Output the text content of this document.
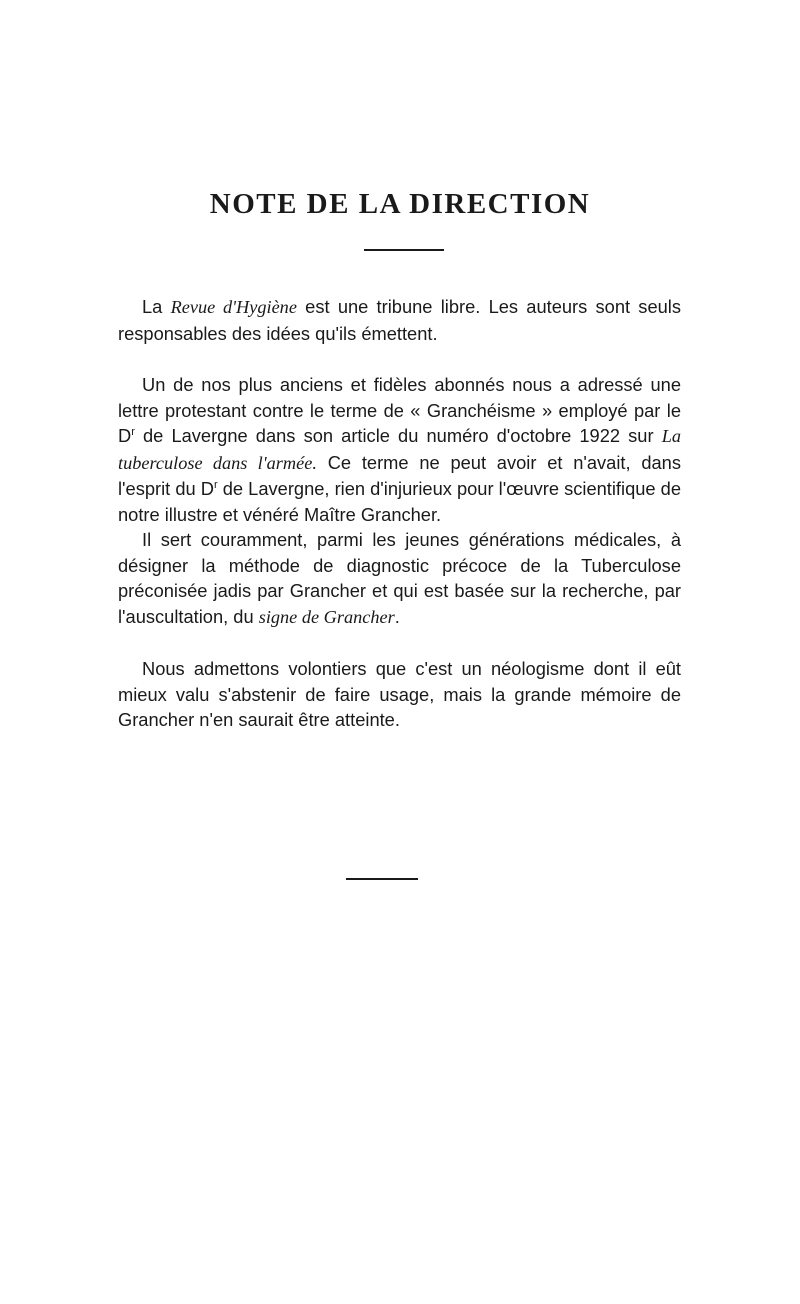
NOTE DE LA DIRECTION

La Revue d'Hygiène est une tribune libre. Les auteurs sont seuls responsables des idées qu'ils émettent.

Un de nos plus anciens et fidèles abonnés nous a adressé une lettre protestant contre le terme de « Granchéisme » employé par le $D^r$ de Lavergne dans son article du numéro d'octobre 1922 sur La tuberculose dans l'armée. Ce terme ne peut avoir et n'avait, dans l'esprit du $D^r$ de Lavergne, rien d'injurieux pour l'œuvre scientifique de notre illustre et vénéré Maître Grancher.

Il sert couramment, parmi les jeunes générations médicales, à désigner la méthode de diagnostic précoce de la Tuberculose préconisée jadis par Grancher et qui est basée sur la recherche, par l'auscultation, du signe de Grancher.

Nous admettons volontiers que c'est un néologisme dont il eût mieux valu s'abstenir de faire usage, mais la grande mémoire de Grancher n'en saurait être atteinte.
